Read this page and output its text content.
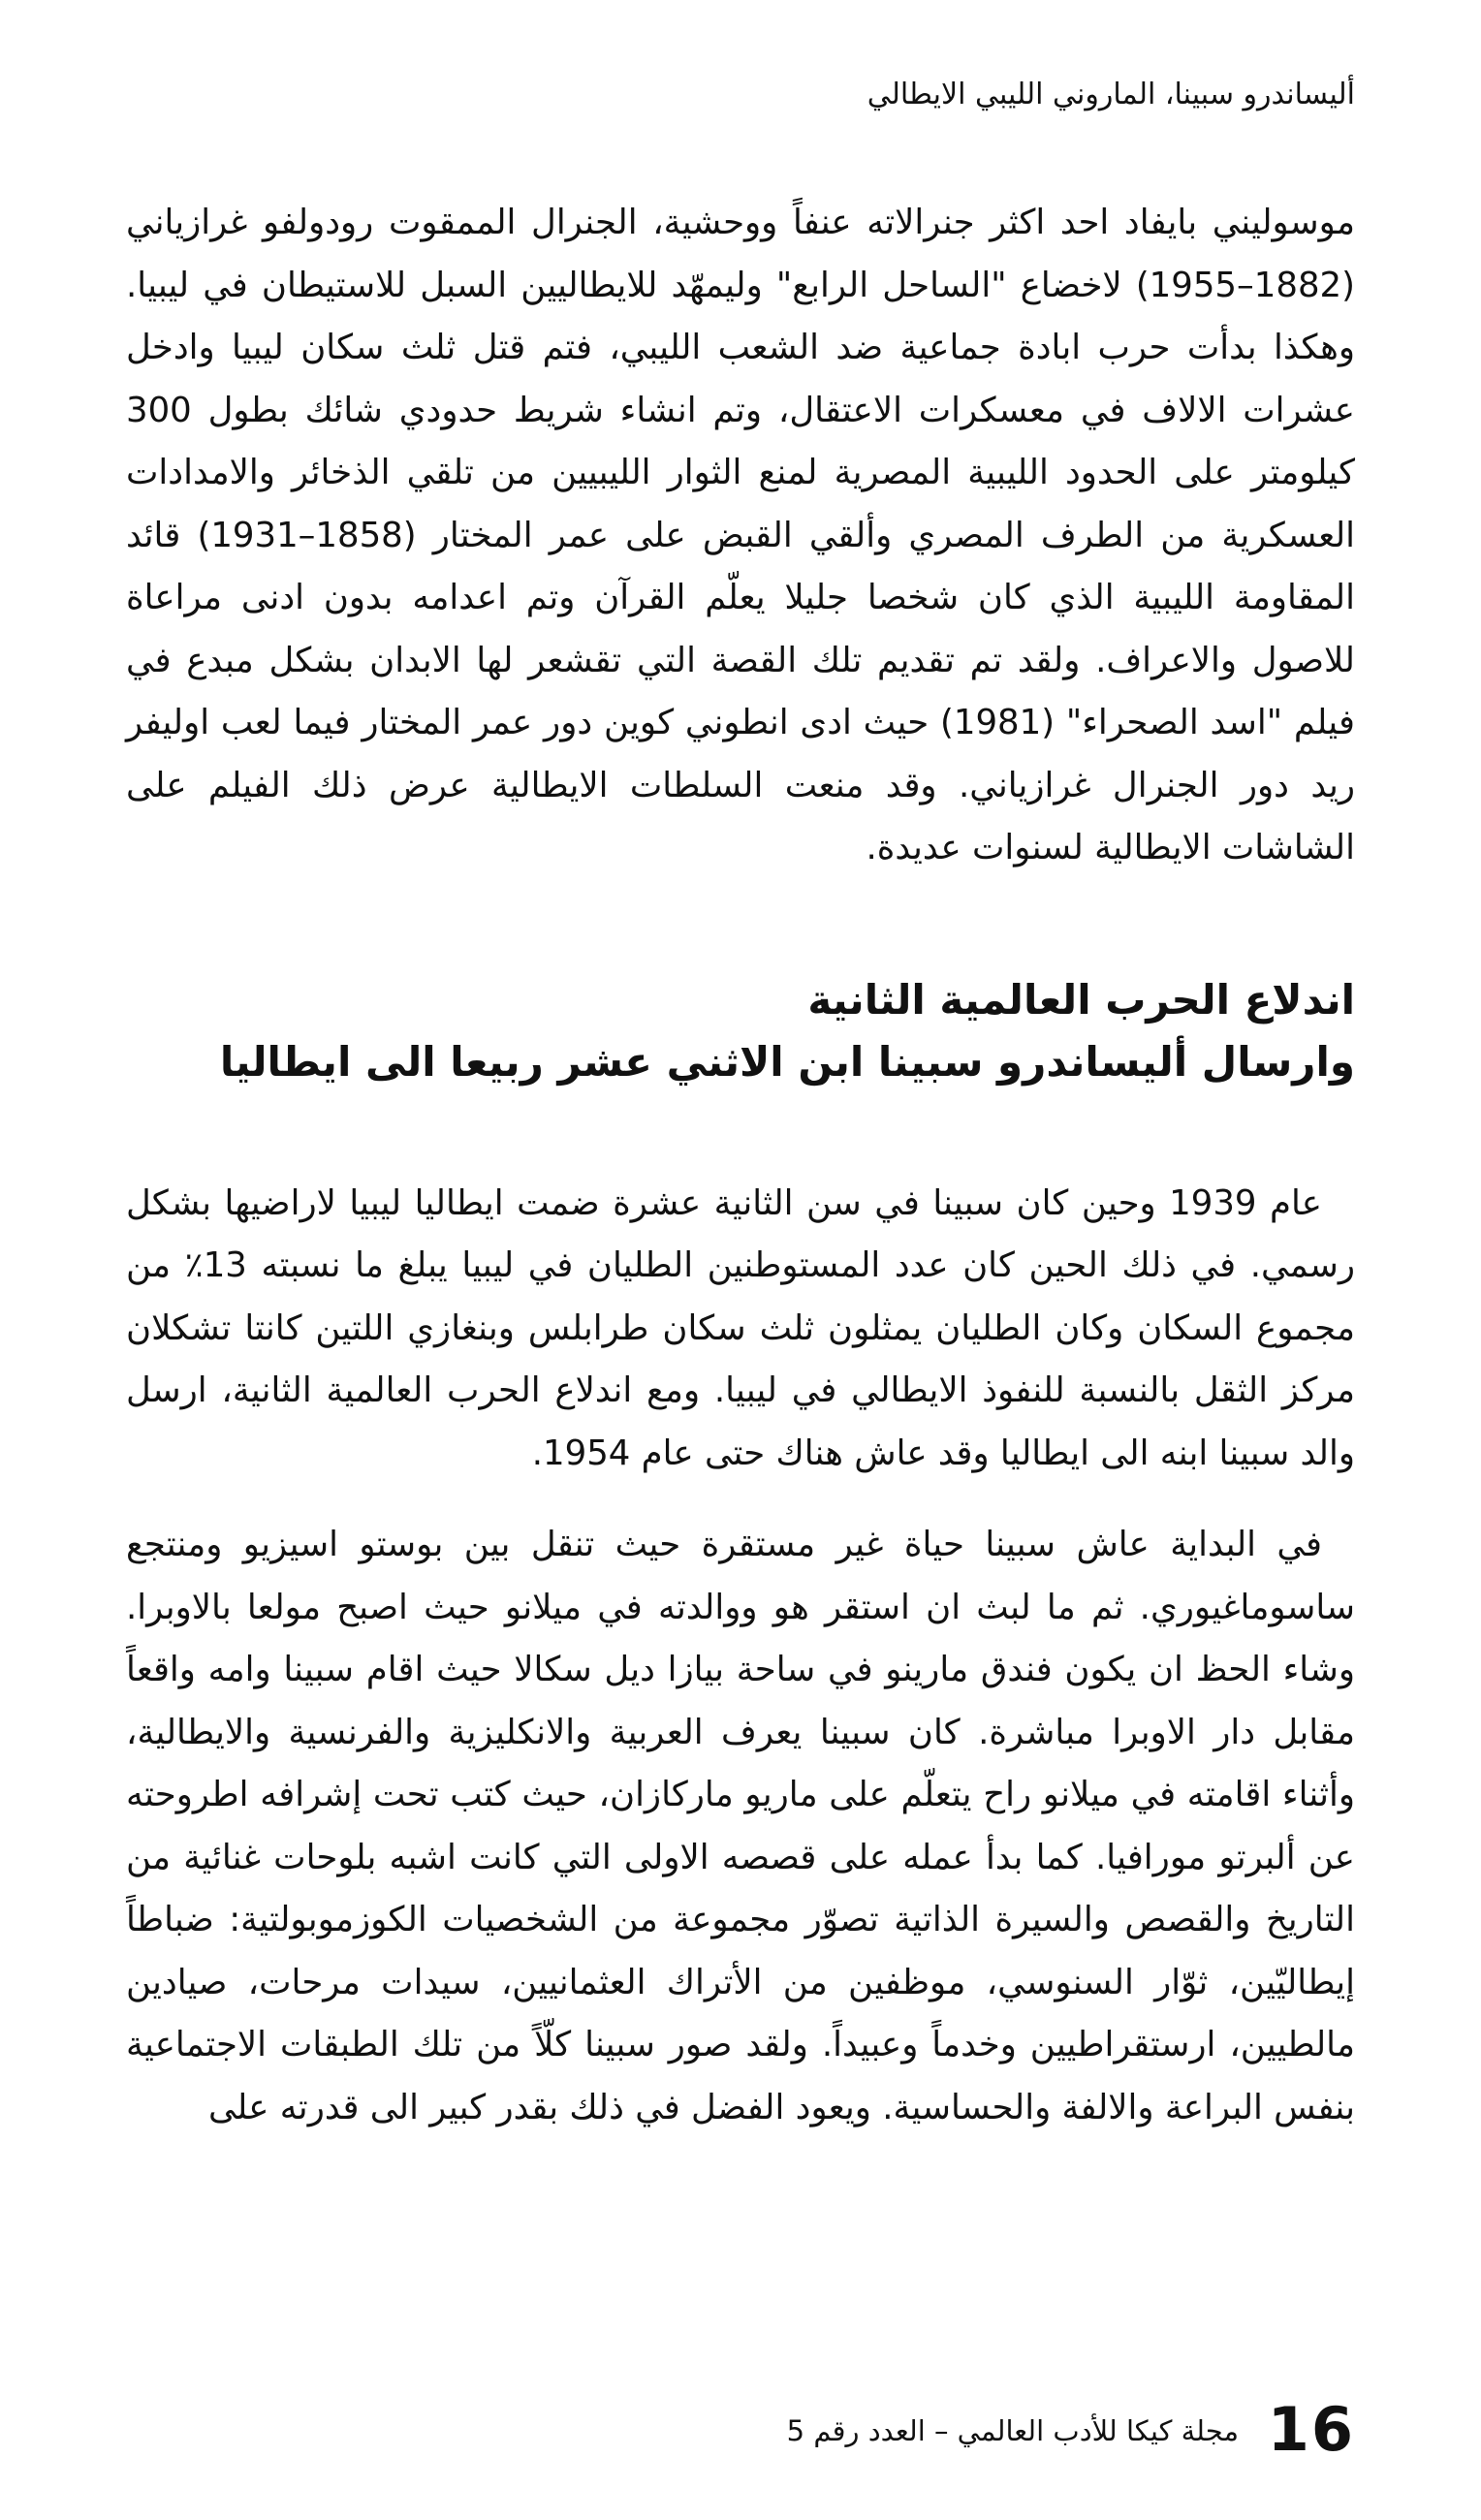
أليساندرو سبينا، الماروني الليبي الايطالي

موسوليني بايفاد احد اكثر جنرالاته عنفاً ووحشية، الجنرال الممقوت رودولفو غرازياني (1882–1955) لاخضاع "الساحل الرابع" وليمهّد للايطاليين السبل للاستيطان في ليبيا. وهكذا بدأت حرب ابادة جماعية ضد الشعب الليبي، فتم قتل ثلث سكان ليبيا وادخل عشرات الالاف في معسكرات الاعتقال، وتم انشاء شريط حدودي شائك بطول 300 كيلومتر على الحدود الليبية المصرية لمنع الثوار الليبيين من تلقي الذخائر والامدادات العسكرية من الطرف المصري وألقي القبض على عمر المختار (1858–1931) قائد المقاومة الليبية الذي كان شخصا جليلا يعلّم القرآن وتم اعدامه بدون ادنى مراعاة للاصول والاعراف. ولقد تم تقديم تلك القصة التي تقشعر لها الابدان بشكل مبدع في فيلم "اسد الصحراء" (1981) حيث ادى انطوني كوين دور عمر المختار فيما لعب اوليفر ريد دور الجنرال غرازياني. وقد منعت السلطات الايطالية عرض ذلك الفيلم على الشاشات الايطالية لسنوات عديدة.

اندلاع الحرب العالمية الثانية
وارسال أليساندرو سبينا ابن الاثني عشر ربيعا الى ايطاليا

عام 1939 وحين كان سبينا في سن الثانية عشرة ضمت ايطاليا ليبيا لاراضيها بشكل رسمي. في ذلك الحين كان عدد المستوطنين الطليان في ليبيا يبلغ ما نسبته 13٪ من مجموع السكان وكان الطليان يمثلون ثلث سكان طرابلس وبنغازي اللتين كانتا تشكلان مركز الثقل بالنسبة للنفوذ الايطالي في ليبيا. ومع اندلاع الحرب العالمية الثانية، ارسل والد سبينا ابنه الى ايطاليا وقد عاش هناك حتى عام 1954.

في البداية عاش سبينا حياة غير مستقرة حيث تنقل بين بوستو اسيزيو ومنتجع ساسوماغيوري. ثم ما لبث ان استقر هو ووالدته في ميلانو حيث اصبح مولعا بالاوبرا. وشاء الحظ ان يكون فندق مارينو في ساحة بيازا ديل سكالا حيث اقام سبينا وامه واقعاً مقابل دار الاوبرا مباشرة. كان سبينا يعرف العربية والانكليزية والفرنسية والايطالية، وأثناء اقامته في ميلانو راح يتعلّم على ماريو ماركازان، حيث كتب تحت إشرافه اطروحته عن ألبرتو مورافيا. كما بدأ عمله على قصصه الاولى التي كانت اشبه بلوحات غنائية من التاريخ والقصص والسيرة الذاتية تصوّر مجموعة من الشخصيات الكوزموبولتية: ضباطاً إيطاليّين، ثوّار السنوسي، موظفين من الأتراك العثمانيين، سيدات مرحات، صيادين مالطيين، ارستقراطيين وخدماً وعبيداً. ولقد صور سبينا كلّاً من تلك الطبقات الاجتماعية بنفس البراعة والالفة والحساسية. ويعود الفضل في ذلك بقدر كبير الى قدرته على

16
مجلة كيكا للأدب العالمي – العدد رقم 5
